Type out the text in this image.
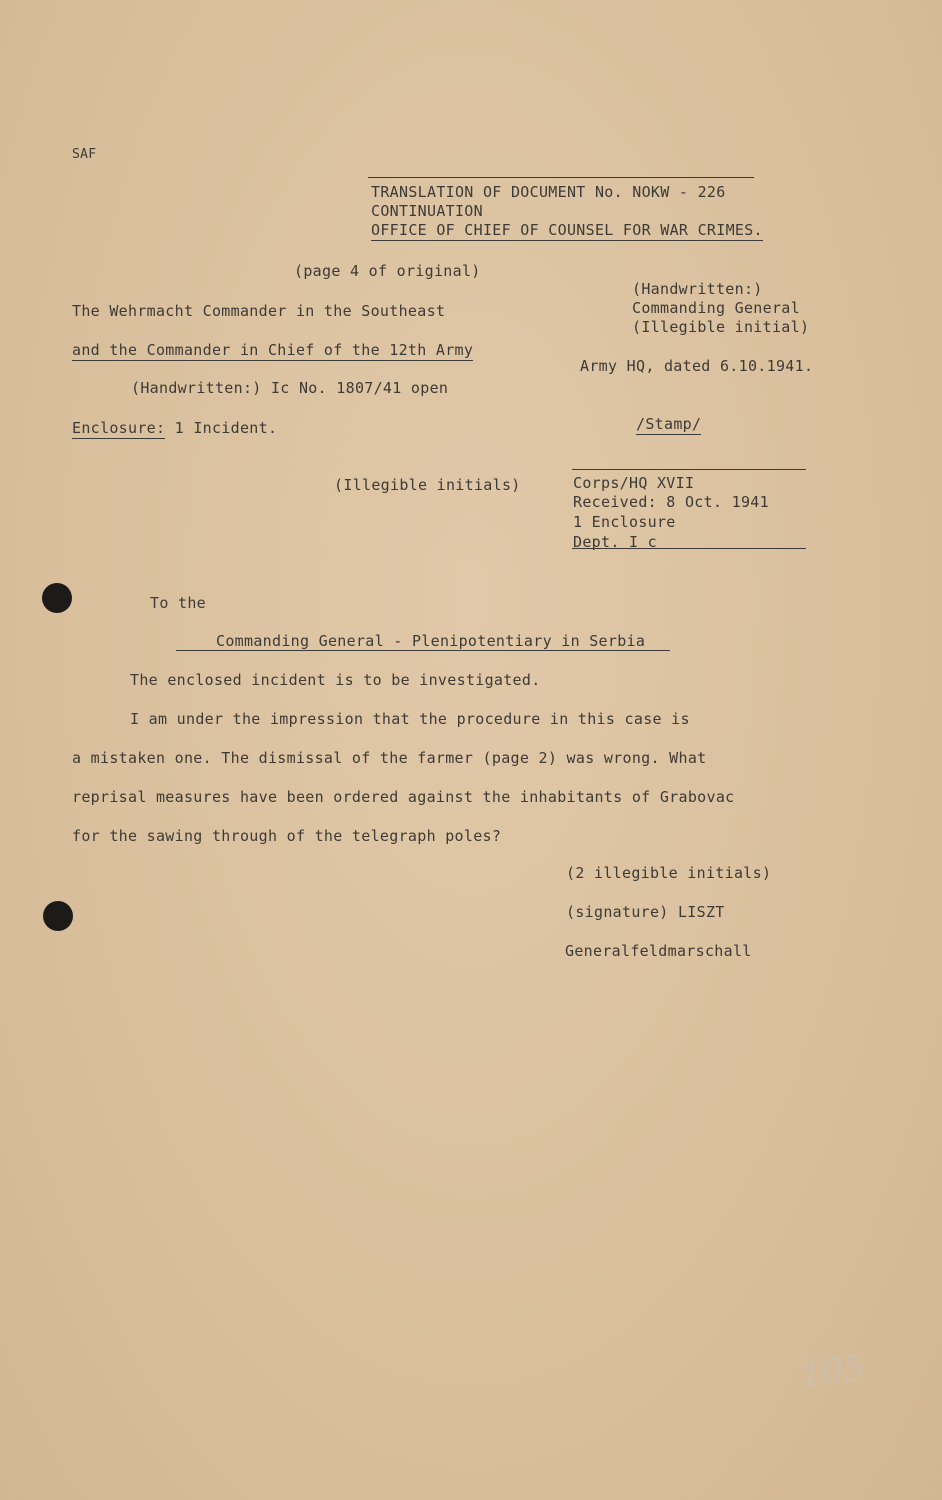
SAF
TRANSLATION OF DOCUMENT No. NOKW - 226
CONTINUATION
OFFICE OF CHIEF OF COUNSEL FOR WAR CRIMES.
(page 4 of original)
The Wehrmacht Commander in the Southeast
and the Commander in Chief of the 12th Army
(Handwritten:) Ic No. 1807/41 open
Enclosure: 1 Incident.
(Handwritten:)
Commanding General
(Illegible initial)
Army HQ, dated 6.10.1941.
/Stamp/
(Illegible initials)	Corps/HQ XVII
Received: 8 Oct. 1941
1 Enclosure
Dept. I c
To the
Commanding General - Plenipotentiary in Serbia
The enclosed incident is to be investigated.
I am under the impression that the procedure in this case is
a mistaken one. The dismissal of the farmer (page 2) was wrong. What
reprisal measures have been ordered against the inhabitants of Grabovac
for the sawing through of the telegraph poles?
(2 illegible initials)
(signature) LISZT
Generalfeldmarschall
105
